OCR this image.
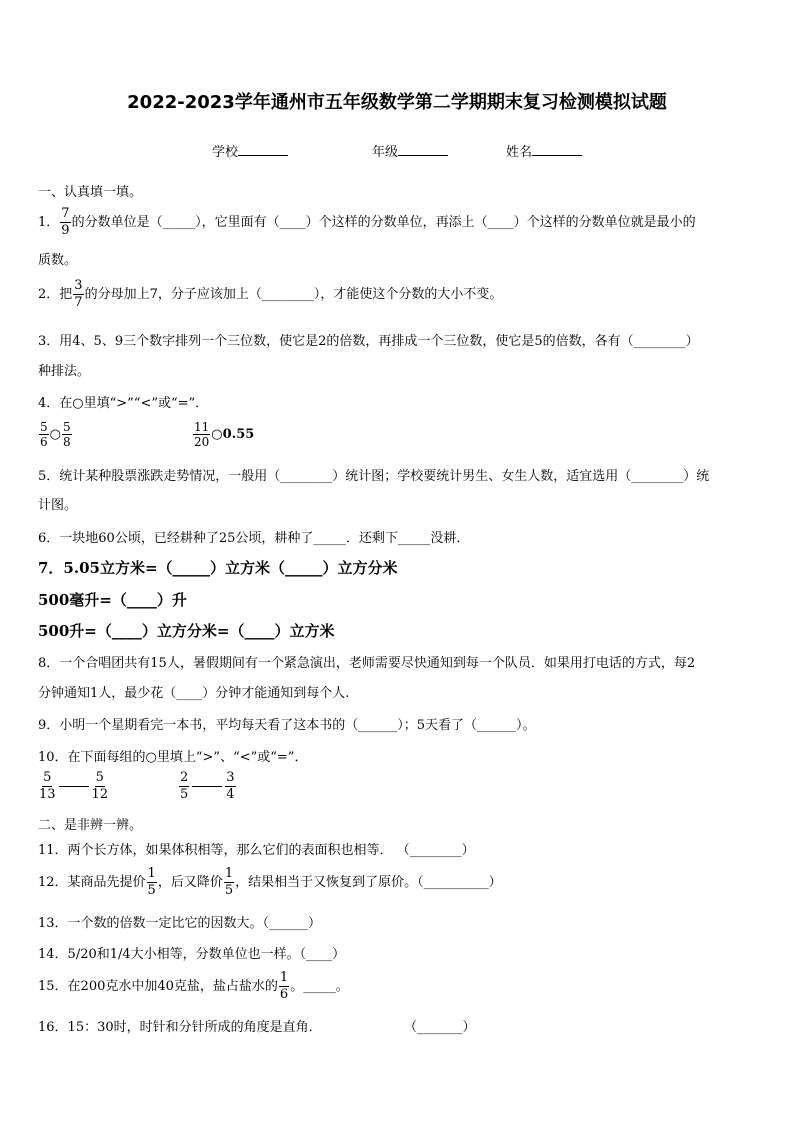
2022-2023学年通州市五年级数学第二学期期末复习检测模拟试题
学校	年级	姓名
一、认真填一填。
1． $\frac{7}{9}$ 的分数单位是（_____），它里面有（____）个这样的分数单位，再添上（____）个这样的分数单位就是最小的
质数。
2．把 $\frac{3}{7}$ 的分母加上7，分子应该加上（________），才能使这个分数的大小不变。
3．用4、5、9三个数字排列一个三位数，使它是2的倍数，再排成一个三位数，使它是5的倍数，各有（________）
种排法。
4．在○里填“>”“<”或“=”．
$\frac{5}{6}$ ○ $\frac{5}{8}$	$\frac{11}{20}$ ○0.55
5．统计某种股票涨跌走势情况，一般用（________）统计图；学校要统计男生、女生人数，适宜选用（________）统
计图。
6．一块地60公顷，已经耕种了25公顷，耕种了_____．还剩下_____没耕．
7．5.05立方米=（_____）立方米（_____）立方分米
500毫升=（____）升
500升=（____）立方分米=（____）立方米
8．一个合唱团共有15人，暑假期间有一个紧急演出，老师需要尽快通知到每一个队员．如果用打电话的方式，每2
分钟通知1人，最少花（____）分钟才能通知到每个人.
9．小明一个星期看完一本书，平均每天看了这本书的（______）；5天看了（______）。
10．在下面每组的○里填上“>”、“<”或“=”．
$\frac{5}{13}$	$\frac{5}{12}$	$\frac{2}{5}$	$\frac{3}{4}$
二、是非辨一辨。
11．两个长方体，如果体积相等，那么它们的表面积也相等． （________）
12．某商品先提价 $\frac{1}{5}$ ，后又降价 $\frac{1}{5}$ ，结果相当于又恢复到了原价。（__________）
13．一个数的倍数一定比它的因数大。（______）
14．5/20和1/4大小相等，分数单位也一样。（____）
15．在200克水中加40克盐，盐占盐水的 $\frac{1}{6}$ 。_____。
16．15：30时，时针和分针所成的角度是直角．	（_______）
